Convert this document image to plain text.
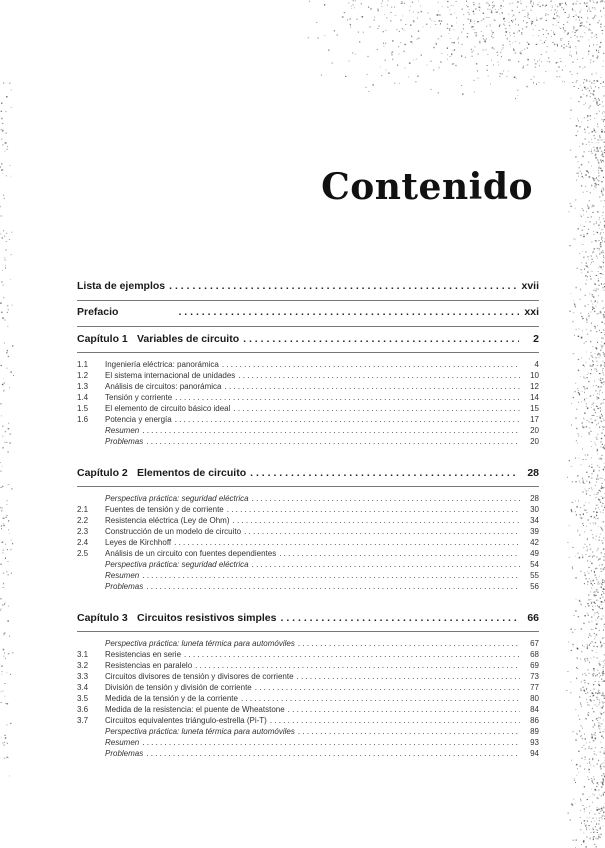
Contenido
Lista de ejemplos . . .	xvii
Prefacio . . .	xxi
Capítulo 1 Variables de circuito . . .	2
1.1	Ingeniería eléctrica: panorámica . . .	4
1.2	El sistema internacional de unidades . . .	10
1.3	Análisis de circuitos: panorámica . . .	12
1.4	Tensión y corriente . . .	14
1.5	El elemento de circuito básico ideal . . .	15
1.6	Potencia y energía . . .	17
Resumen . . .	20
Problemas . . .	20
Capítulo 2 Elementos de circuito . . .	28
Perspectiva práctica: seguridad eléctrica . . .	28
2.1	Fuentes de tensión y de corriente . . .	30
2.2	Resistencia eléctrica (Ley de Ohm) . . .	34
2.3	Construcción de un modelo de circuito . . .	39
2.4	Leyes de Kirchhoff . . .	42
2.5	Análisis de un circuito con fuentes dependientes . . .	49
Perspectiva práctica: seguridad eléctrica . . .	54
Resumen . . .	55
Problemas . . .	56
Capítulo 3 Circuitos resistivos simples . . .	66
Perspectiva práctica: luneta térmica para automóviles . . .	67
3.1	Resistencias en serie . . .	68
3.2	Resistencias en paralelo . . .	69
3.3	Circuitos divisores de tensión y divisores de corriente . . .	73
3.4	División de tensión y división de corriente . . .	77
3.5	Medida de la tensión y de la corriente . . .	80
3.6	Medida de la resistencia: el puente de Wheatstone . . .	84
3.7	Circuitos equivalentes triángulo-estrella (Pi-T) . . .	86
Perspectiva práctica: luneta térmica para automóviles . . .	89
Resumen . . .	93
Problemas . . .	94
